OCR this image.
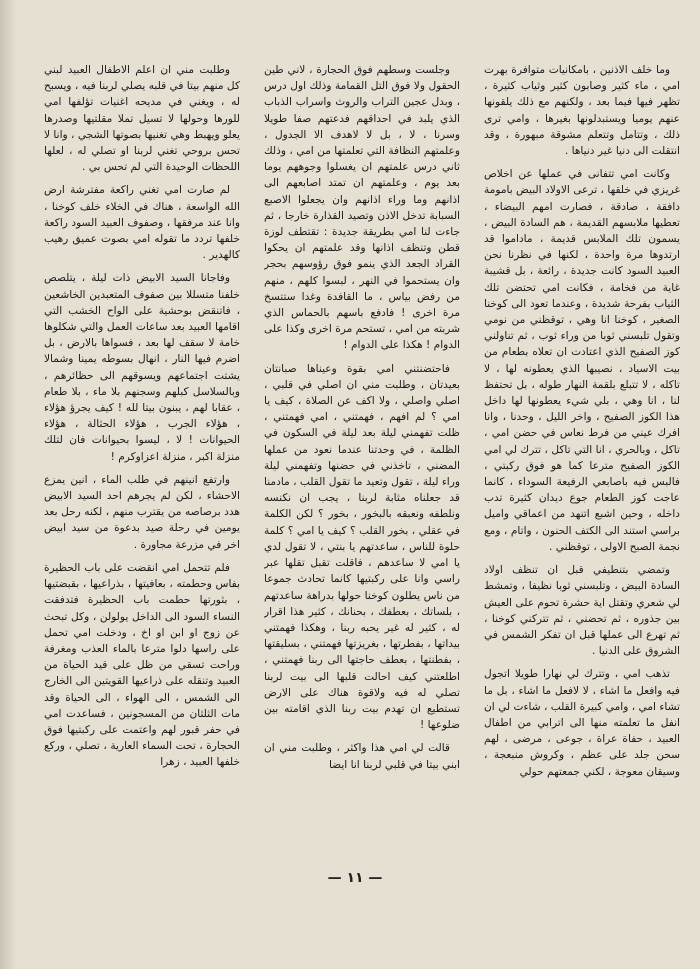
وما خلف الاذنين ، بامكانيات متوافرة بهرت امي ، ماء كثير وصابون كثير وثياب كثيرة ، تظهر فيها فيما بعد ، ولكنهم مع ذلك يلقونها عنهم يوميا ويستبدلونها بغيرها ، وامي ترى ذلك ، وتتامل وتتعلم مشوقة مبهورة ، وقد انتقلت الى دنيا غير دنياها .

وكانت امي تتفانى في عملها عن اخلاص غريزي في خلقها ، ترعى الاولاد البيض بامومة دافقة ، صادقة ، فصارت امهم البيضاء ، تعطيها ملابسهم القديمة ، هم السادة البيض ، يسمون تلك الملابس قديمة ، ماداموا قد ارتدوها مرة واحدة ، لكنها في نظرنا نحن العبيد السود كانت جديدة ، رائعة ، بل قشيبة غاية من فخامة ، فكانت امي تحتضن تلك الثياب بفرحة شديدة ، وعندما تعود الى كوخنا الصغير ، كوخنا انا وهي ، توقظني من نومي وتقول تلبسني ثوبا من وراء ثوب ، ثم تناولني كوز الصفيح الذي اعتادت ان تعلاه بطعام من بيت الاسياد ، نصيبها الذي يعطونه لها ، لا تاكله ، لا تتبلع بلقمة النهار طوله ، بل تحتفظ لنا ، انا وهي ، بلي شيء يعطونها لها داخل هذا الكوز الصفيح ، واخر الليل ، وحدنا ، وانا افرك عيني من فرط نعاس في حضن امي ، تاكل ، وبالحري ، انا التي تاكل ، تترك لي امي الكوز الصفيح مترعا كما هو فوق ركبتي ، فالبس فيه باصابعي الرفيعة السوداء ، كانما عاجت كوز الطعام جوع ديدان كثيرة تدب داخله ، وحين اشبع اتنهد من اعماقي واميل براسي استند الى الكتف الحنون ، واتام ، ومع نجمة الصبح الاولى ، توقظني .

وتمضي بتنطيفي قبل ان تنظف اولاد السادة البيض ، وتلبسني ثوبا نظيفا ، وتمشط لي شعري وتقتل اية حشرة تحوم على العيش بين جذوره ، ثم تحضني ، ثم تتركني كوخنا ، ثم تهرع الى عملها قبل ان تفكر الشمس في الشروق على الدنيا .

تذهب امي ، وتترك لي نهارا طويلا اتجول فيه وافعل ما اشاء ، لا لافعل ما اشاء ، بل ما تشاء امي ، وامي كبيرة القلب ، شاءت لي ان انفل ما تعلمته منها الى اترابي من اطفال العبيد ، حفاة عراة ، جوعى ، مرضى ، لهم سحن جلد على عظم ، وكروش منبعجة ، وسيقان معوجة ، لكني جمعتهم حولي

وجلست وسطهم فوق الحجارة ، لاني طين الحقول ولا فوق التل القمامة وذلك اول درس ، وبدل عجين التراب والروث واسراب الذباب الذي يلبد في احداقهم فدعتهم صفا طويلا وسرنا ، لا ، بل لا لاهدف الا الجدول ، وعلمتهم النظافة التي تعلمتها من امي ، وذلك ثاني درس علمتهم ان يغسلوا وجوههم يوما بعد يوم ، وعلمتهم ان تمتد اصابعهم الى اذانهم وما وراء اذانهم وان يجعلوا الاصبع السبابة تدخل الاذن وتصيد القذارة خارجا ، ثم جاءت لنا امي بطريقة جديدة : تقتطف لوزة قطن وتنظف اذانها وقد علمتهم ان يحكوا القراد الجعد الذي ينمو فوق رؤوسهم بحجر وان يستحموا في النهر ، لبسوا كلهم ، منهم من رفض بياس ، ما القافدة وغدا ستتسخ مرة اخرى ! فادفع باسهم بالحماس الذي شربته من امي ، تستحم مرة اخرى وكذا على الدوام ! هكذا على الدوام !

فاحتضنتني امي بقوة وعيناها صبانتان بعيدتان ، وطلبت مني ان اصلي في قلبي ، اصلي واصلي ، ولا اكف عن الصلاة ، كيف يا امي ؟ لم افهم ، فهمتني ، امي فهمتني ، ظلت تفهمني ليلة بعد ليلة في السكون في الظلمة ، في وحدتنا عندما نعود من عملها المضني ، تاخذني في حضنها وتفهمني ليلة وراء ليلة ، تقول وتعيد ما تقول القلب ، مادمنا قد جعلناه مثابة لربنا ، يجب ان نكنسه ونلطفه ونعبقه بالبخور ، بخور ؟ لكن الكلمة في عقلي ، بخور القلب ؟ كيف يا امي ؟ كلمة حلوة للناس ، ساعدتهم يا بنتي ، لا تقول لدي يا امي لا ساعدهم ، فاقلت تقبل تقلها عبر راسي وانا على ركبتيها كانما تحادث جموعا من ناس يطلون كوخنا حولها بدراهة ساعدتهم ، بلساتك ، بعطفك ، بحنانك ، كثير هذا اقرار له ، كثير له غير يحبه ربنا ، وهكذا فهمتني بيداتها ، بفطرتها ، بغريزتها فهمتني ، بسليقتها ، بفطنتها ، بعطف حاجتها الى ربنا فهمتني ، اطلعتني كيف احالت قلبها الى بيت لربنا تصلي له فيه ولاقوة هناك على الارض تستطيع ان تهدم بيت ربنا الذي اقامته بين ضلوعها !

قالت لي امي هذا واكثر ، وطلبت مني ان ابني بيتا في قلبي لربنا انا ايضا

وطلبت مني ان اعلم الاطفال العبيد لبني كل منهم بيتا في قلبه يصلي لربنا فيه ، ويسبح له ، ويغني في مديحه اغنيات تؤلفها امي للورها وحولها لا تسيل تملا مقلتيها وصدرها يعلو ويهبط وهي تغنيها بصوتها الشجي ، وانا لا تحس بروحي تغني لربنا او تصلي له ، لعلها اللحظات الوحيدة التي لم تحس بي .

لم صارت امي تغني راكعة مفترشة ارض الله الواسعة ، هناك في الخلاء خلف كوخنا ، وانا عند مرفقها ، وصفوف العبيد السود راكعة خلفها تردد ما تقوله امي بصوت عميق رهيب كالهدير .

وفاجانا السيد الابيض ذات ليلة ، يتلصص خلفنا متسللا بين صفوف المتعبدين الخاشعين ، فاتنقض بوحشية على الواح الخشب التي اقامها العبيد بعد ساعات العمل والتي شكلوها خامة لا سقف لها بعد ، فسواها بالارض ، بل اضرم فيها النار ، انهال بسوطه يمينا وشمالا يشتت اجتماعهم ويسوقهم الى حظائرهم ، وبالسلاسل كبلهم وسجنهم بلا ماء ، بلا طعام ، عقابا لهم ، يبنون بيتا لله ! كيف يجرؤ هؤلاء ، هؤلاء الجرب ، هؤلاء الحثالة ، هؤلاء الحيوانات ! لا ، ليسوا بحيوانات فان لتلك منزلة اكبر ، منزلة اعزاوكرم !

وارتفع انينهم في طلب الماء ، انين يمزع الاحشاء ، لكن لم يجرهم احد السيد الابيض هدد برصاصه من يقترب منهم ، لكنه رحل بعد يومين في رحلة صيد بدعوة من سيد ابيض اخر في مزرعة مجاورة .

فلم تتحمل امي انقضت على باب الحظيرة بفاس وحطمته ، بعافيتها ، بذراعيها ، بقبضتيها ، بثورتها حطمت باب الحظيرة فتدفقت النساء السود الى الداخل يولولن ، وكل تبحث عن زوج او ابن او اخ ، ودخلت امي تحمل على راسها دلوا مترعا بالماء العذب ومغرفة وراحت تسقي من ظل على قيد الحياة من العبيد وتنقله على ذراعيها القويتين الى الخارج الى الشمس ، الى الهواء ، الى الحياة وقد مات الثلثان من المسجونين ، فساعدت امي في حفر قبور لهم واعتمت على ركبتيها فوق الحجارة ، تحت السماء العارية ، تصلي ، وركع خلفها العبيد ، زهرا

— ١١ —
